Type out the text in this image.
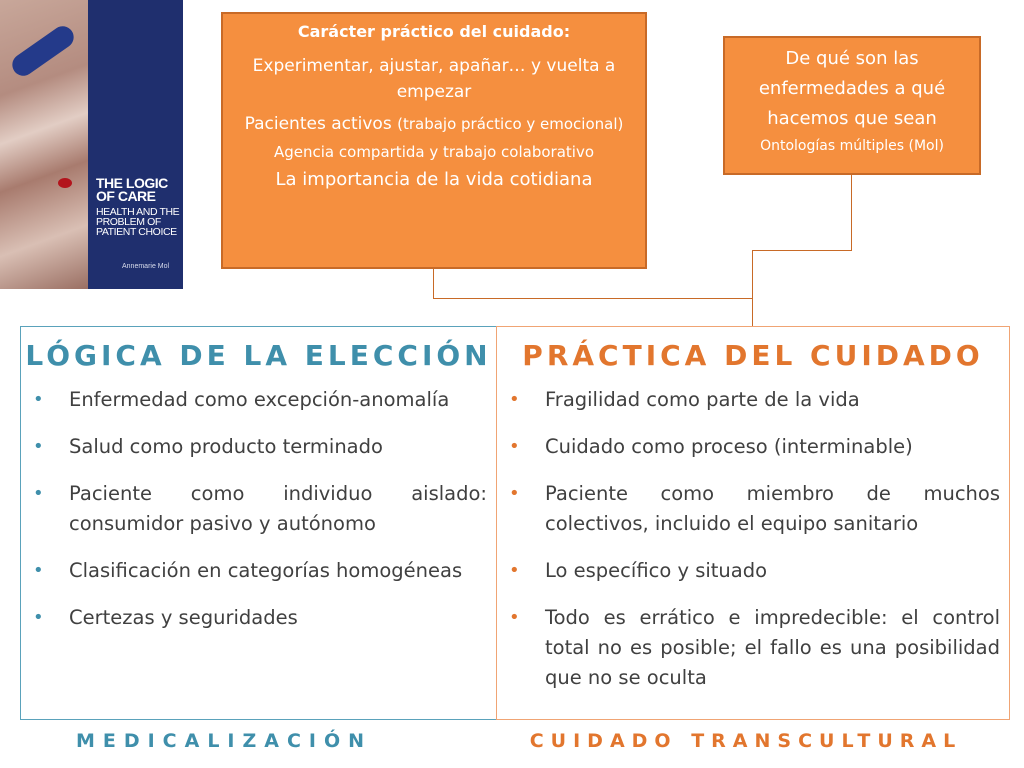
THE LOGIC OF CARE
HEALTH AND THE PROBLEM OF PATIENT CHOICE
Annemarie Mol
Carácter práctico del cuidado:
Experimentar, ajustar, apañar… y vuelta a empezar
Pacientes activos (trabajo práctico y emocional)
Agencia compartida y trabajo colaborativo
La importancia de la vida cotidiana
De qué son las enfermedades a qué hacemos que sean
Ontologías múltiples (Mol)
LÓGICA DE LA ELECCIÓN
• Enfermedad como excepción-anomalía
• Salud como producto terminado
• Paciente como individuo aislado: consumidor pasivo y autónomo
• Clasificación en categorías homogéneas
• Certezas y seguridades
PRÁCTICA DEL CUIDADO
• Fragilidad como parte de la vida
• Cuidado como proceso (interminable)
• Paciente como miembro de muchos colectivos, incluido el equipo sanitario
• Lo específico y situado
• Todo es errático e impredecible: el control total no es posible; el fallo es una posibilidad que no se oculta
MEDICALIZACIÓN	CUIDADO TRANSCULTURAL
